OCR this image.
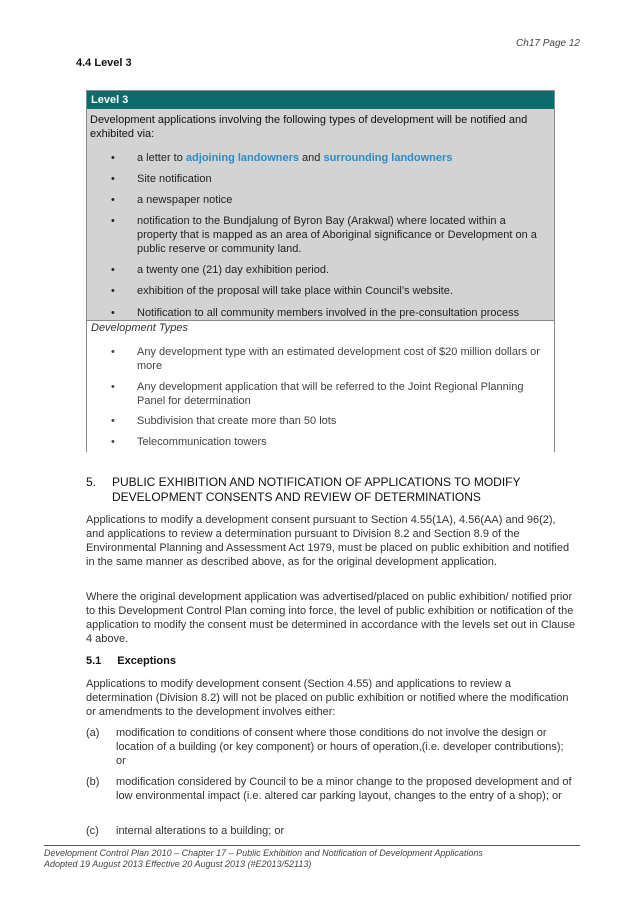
Ch17 Page 12
4.4 Level 3
Level 3
Development applications involving the following types of development will be notified and exhibited via:
• a letter to adjoining landowners and surrounding landowners
• Site notification
• a newspaper notice
• notification to the Bundjalung of Byron Bay (Arakwal) where located within a property that is mapped as an area of Aboriginal significance or Development on a public reserve or community land.
• a twenty one (21) day exhibition period.
• exhibition of the proposal will take place within Council’s website.
• Notification to all community members involved in the pre-consultation process
Development Types
• Any development type with an estimated development cost of $20 million dollars or more
• Any development application that will be referred to the Joint Regional Planning Panel for determination
• Subdivision that create more than 50 lots
• Telecommunication towers
5. PUBLIC EXHIBITION AND NOTIFICATION OF APPLICATIONS TO MODIFY DEVELOPMENT CONSENTS AND REVIEW OF DETERMINATIONS
Applications to modify a development consent pursuant to Section 4.55(1A), 4.56(AA) and 96(2), and applications to review a determination pursuant to Division 8.2 and Section 8.9 of the Environmental Planning and Assessment Act 1979, must be placed on public exhibition and notified in the same manner as described above, as for the original development application.
Where the original development application was advertised/placed on public exhibition/ notified prior to this Development Control Plan coming into force, the level of public exhibition or notification of the application to modify the consent must be determined in accordance with the levels set out in Clause 4 above.
5.1 Exceptions
Applications to modify development consent (Section 4.55) and applications to review a determination (Division 8.2) will not be placed on public exhibition or notified where the modification or amendments to the development involves either:
(a) modification to conditions of consent where those conditions do not involve the design or location of a building (or key component) or hours of operation,(i.e. developer contributions); or
(b) modification considered by Council to be a minor change to the proposed development and of low environmental impact (i.e. altered car parking layout, changes to the entry of a shop); or
(c) internal alterations to a building; or
Development Control Plan 2010 – Chapter 17 – Public Exhibition and Notification of Development Applications
Adopted 19 August 2013 Effective 20 August 2013 (#E2013/52113)
